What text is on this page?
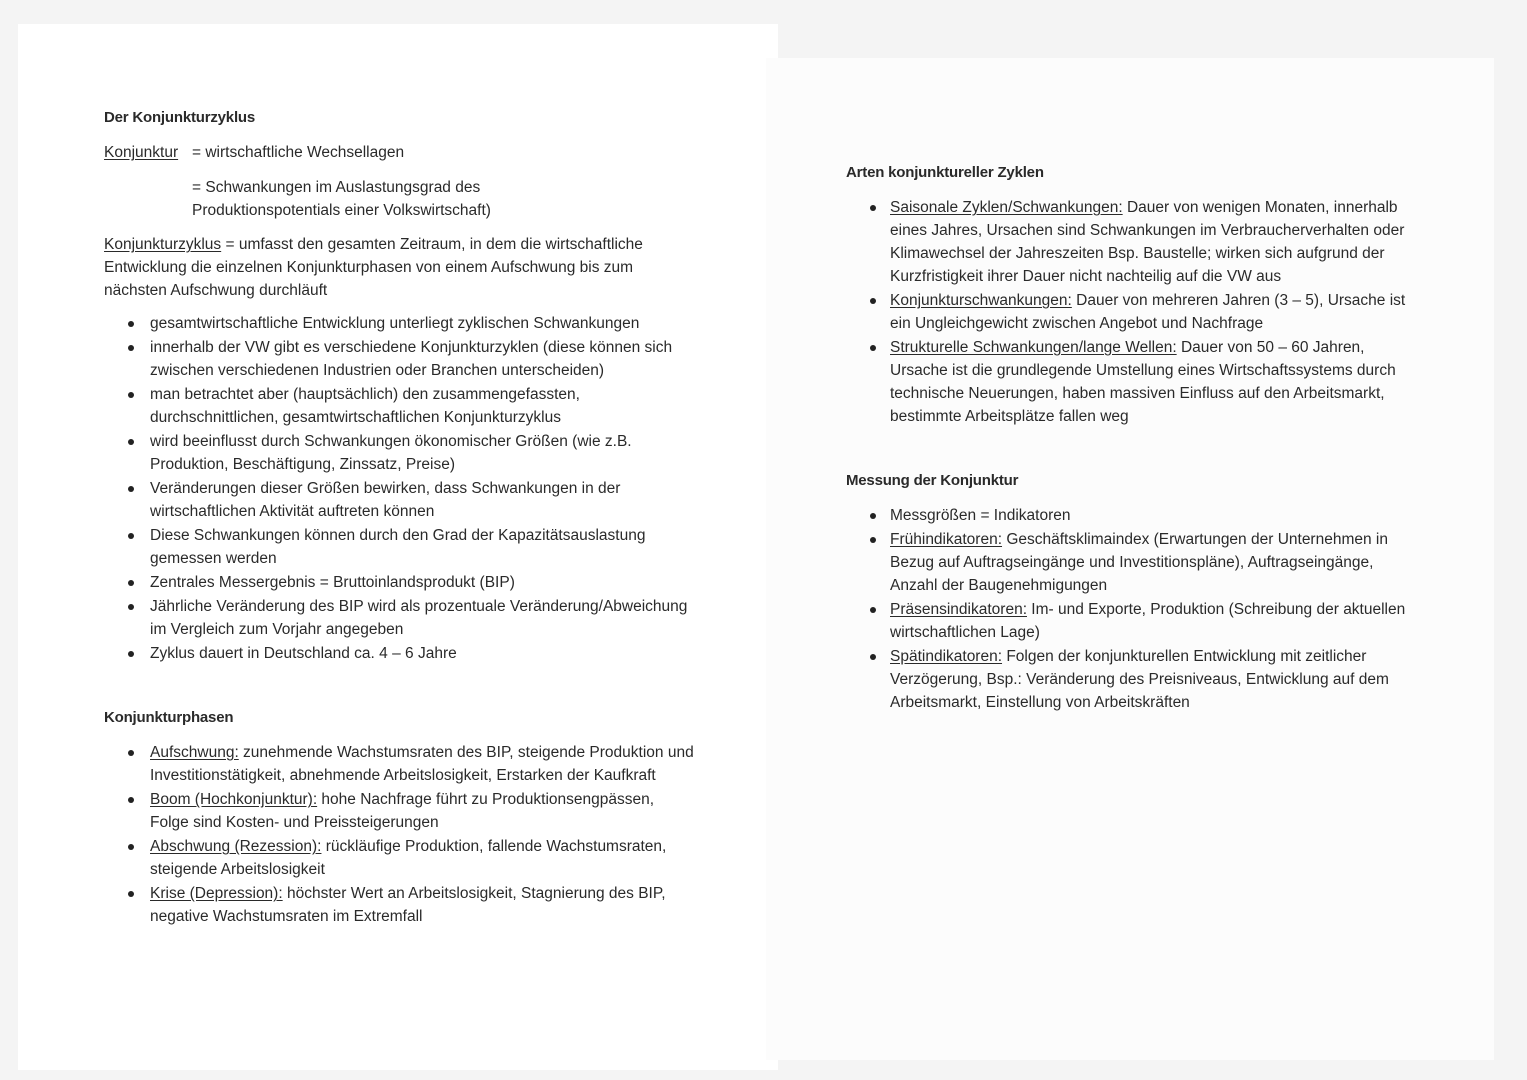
Der Konjunkturzyklus
Konjunktur = wirtschaftliche Wechsellagen
= Schwankungen im Auslastungsgrad des Produktionspotentials einer Volkswirtschaft)

Konjunkturzyklus = umfasst den gesamten Zeitraum, in dem die wirtschaftliche Entwicklung die einzelnen Konjunkturphasen von einem Aufschwung bis zum nächsten Aufschwung durchläuft

gesamtwirtschaftliche Entwicklung unterliegt zyklischen Schwankungen
innerhalb der VW gibt es verschiedene Konjunkturzyklen (diese können sich zwischen verschiedenen Industrien oder Branchen unterscheiden)
man betrachtet aber (hauptsächlich) den zusammengefassten, durchschnittlichen, gesamtwirtschaftlichen Konjunkturzyklus
wird beeinflusst durch Schwankungen ökonomischer Größen (wie z.B. Produktion, Beschäftigung, Zinssatz, Preise)
Veränderungen dieser Größen bewirken, dass Schwankungen in der wirtschaftlichen Aktivität auftreten können
Diese Schwankungen können durch den Grad der Kapazitätsauslastung gemessen werden
Zentrales Messergebnis = Bruttoinlandsprodukt (BIP)
Jährliche Veränderung des BIP wird als prozentuale Veränderung/Abweichung im Vergleich zum Vorjahr angegeben
Zyklus dauert in Deutschland ca. 4 – 6 Jahre
Konjunkturphasen
Aufschwung: zunehmende Wachstumsraten des BIP, steigende Produktion und Investitionstätigkeit, abnehmende Arbeitslosigkeit, Erstarken der Kaufkraft
Boom (Hochkonjunktur): hohe Nachfrage führt zu Produktionsengpässen, Folge sind Kosten- und Preissteigerungen
Abschwung (Rezession): rückläufige Produktion, fallende Wachstumsraten, steigende Arbeitslosigkeit
Krise (Depression): höchster Wert an Arbeitslosigkeit, Stagnierung des BIP, negative Wachstumsraten im Extremfall
Arten konjunktureller Zyklen
Saisonale Zyklen/Schwankungen: Dauer von wenigen Monaten, innerhalb eines Jahres, Ursachen sind Schwankungen im Verbraucherverhalten oder Klimawechsel der Jahreszeiten Bsp. Baustelle; wirken sich aufgrund der Kurzfristigkeit ihrer Dauer nicht nachteilig auf die VW aus
Konjunkturschwankungen: Dauer von mehreren Jahren (3 – 5), Ursache ist ein Ungleichgewicht zwischen Angebot und Nachfrage
Strukturelle Schwankungen/lange Wellen: Dauer von 50 – 60 Jahren, Ursache ist die grundlegende Umstellung eines Wirtschaftssystems durch technische Neuerungen, haben massiven Einfluss auf den Arbeitsmarkt, bestimmte Arbeitsplätze fallen weg
Messung der Konjunktur
Messgrößen = Indikatoren
Frühindikatoren: Geschäftsklimaindex (Erwartungen der Unternehmen in Bezug auf Auftragseingänge und Investitionspläne), Auftragseingänge, Anzahl der Baugenehmigungen
Präsensindikatoren: Im- und Exporte, Produktion (Schreibung der aktuellen wirtschaftlichen Lage)
Spätindikatoren: Folgen der konjunkturellen Entwicklung mit zeitlicher Verzögerung, Bsp.: Veränderung des Preisniveaus, Entwicklung auf dem Arbeitsmarkt, Einstellung von Arbeitskräften
